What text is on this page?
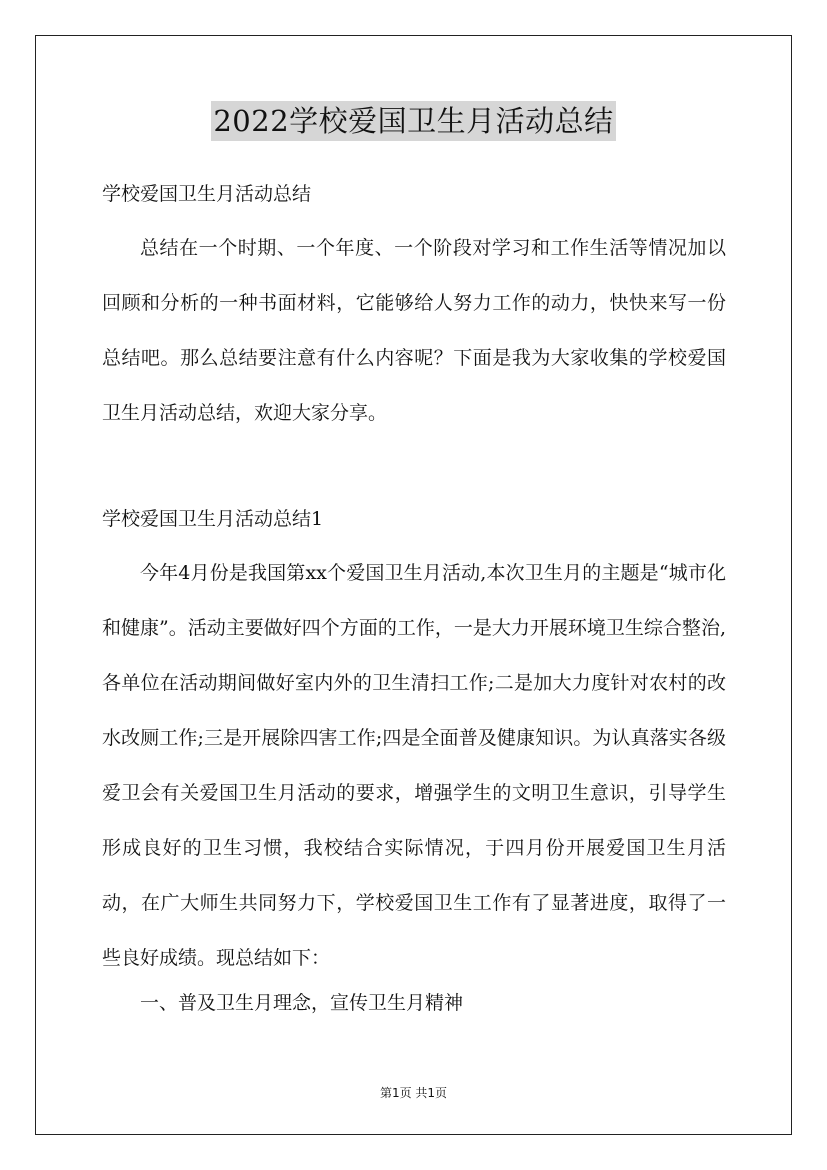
2022学校爱国卫生月活动总结
学校爱国卫生月活动总结

总结在一个时期、一个年度、一个阶段对学习和工作生活等情况加以回顾和分析的一种书面材料，它能够给人努力工作的动力，快快来写一份总结吧。那么总结要注意有什么内容呢？下面是我为大家收集的学校爱国卫生月活动总结，欢迎大家分享。

学校爱国卫生月活动总结1

今年4月份是我国第xx个爱国卫生月活动,本次卫生月的主题是“城市化和健康”。活动主要做好四个方面的工作，一是大力开展环境卫生综合整治,各单位在活动期间做好室内外的卫生清扫工作;二是加大力度针对农村的改水改厕工作;三是开展除四害工作;四是全面普及健康知识。为认真落实各级爱卫会有关爱国卫生月活动的要求，增强学生的文明卫生意识，引导学生形成良好的卫生习惯，我校结合实际情况，于四月份开展爱国卫生月活动，在广大师生共同努力下，学校爱国卫生工作有了显著进度，取得了一些良好成绩。现总结如下：

一、普及卫生月理念，宣传卫生月精神
第1页 共1页
